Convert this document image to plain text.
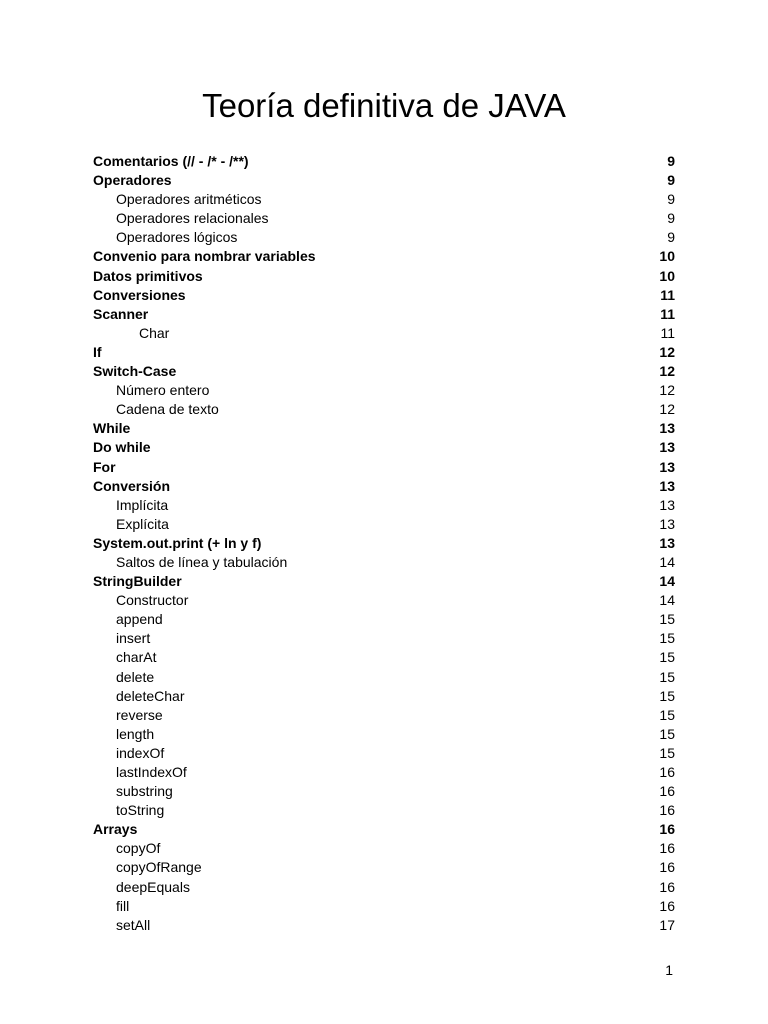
Teoría definitiva de JAVA
Comentarios (// - /* - /**)	9
Operadores	9
Operadores aritméticos	9
Operadores relacionales	9
Operadores lógicos	9
Convenio para nombrar variables	10
Datos primitivos	10
Conversiones	11
Scanner	11
Char	11
If	12
Switch-Case	12
Número entero	12
Cadena de texto	12
While	13
Do while	13
For	13
Conversión	13
Implícita	13
Explícita	13
System.out.print (+ ln y f)	13
Saltos de línea y tabulación	14
StringBuilder	14
Constructor	14
append	15
insert	15
charAt	15
delete	15
deleteChar	15
reverse	15
length	15
indexOf	15
lastIndexOf	16
substring	16
toString	16
Arrays	16
copyOf	16
copyOfRange	16
deepEquals	16
fill	16
setAll	17
1
